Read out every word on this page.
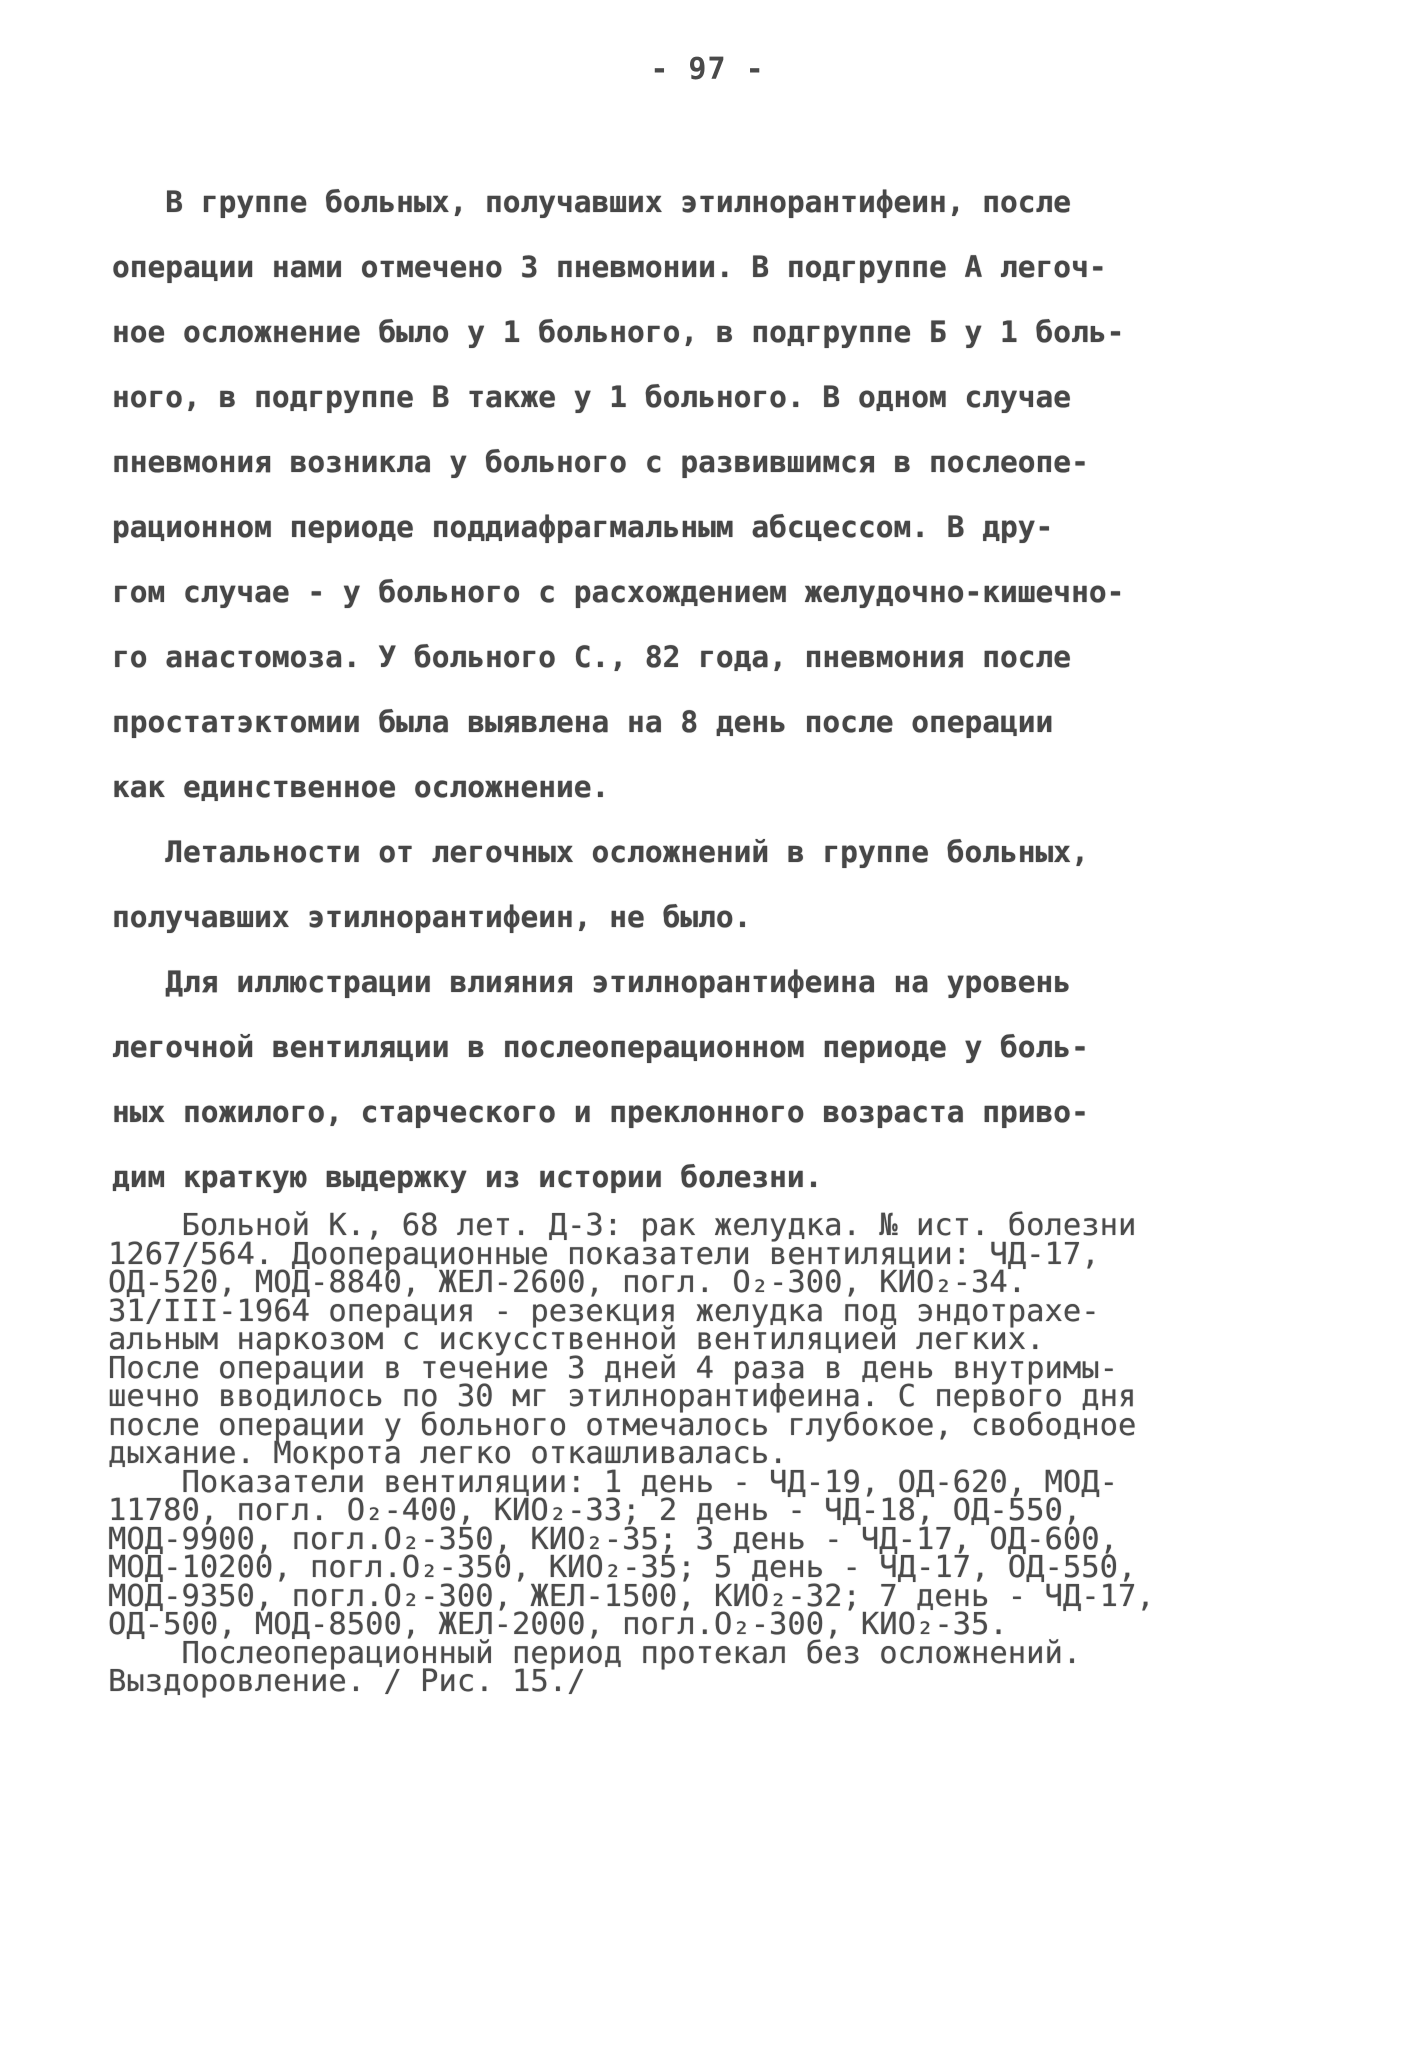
- 97 -
В группе больных, получавших этилнорантифеин, после
операции нами отмечено 3 пневмонии. В подгруппе А легоч-
ное осложнение было у 1 больного, в подгруппе Б у 1 боль-
ного, в подгруппе В также у 1 больного. В одном случае
пневмония возникла у больного с развившимся в послеопе-
рационном периоде поддиафрагмальным абсцессом. В дру-
гом случае - у больного с расхождением желудочно-кишечно-
го анастомоза. У больного С., 82 года, пневмония после
простатэктомии была выявлена на 8 день после операции
как единственное осложнение.
Летальности от легочных осложнений в группе больных,
получавших этилнорантифеин, не было.
Для иллюстрации влияния этилнорантифеина на уровень
легочной вентиляции в послеоперационном периоде у боль-
ных пожилого, старческого и преклонного возраста приво-
дим краткую выдержку из истории болезни.
Больной К., 68 лет. Д-З: рак желудка. № ист. болезни
1267/564. Дооперационные показатели вентиляции: ЧД-17,
ОД-520, МОД-8840, ЖЕЛ-2600, погл. О₂-300, КИО₂-34.
31/III-1964 операция - резекция желудка под эндотрахе-
альным наркозом с искусственной вентиляцией легких.
После операции в течение 3 дней 4 раза в день внутримы-
шечно вводилось по 30 мг этилнорантифеина. С первого дня
после операции у больного отмечалось глубокое, свободное
дыхание. Мокрота легко откашливалась.
Показатели вентиляции: 1 день - ЧД-19, ОД-620, МОД-
11780, погл. О₂-400, КИО₂-33; 2 день - ЧД-18, ОД-550,
МОД-9900, погл.О₂-350, КИО₂-35; 3 день - ЧД-17, ОД-600,
МОД-10200, погл.О₂-350, КИО₂-35; 5 день - ЧД-17, ОД-550,
МОД-9350, погл.О₂-300, ЖЕЛ-1500, КИО₂-32; 7 день - ЧД-17,
ОД-500, МОД-8500, ЖЕЛ-2000, погл.О₂-300, КИО₂-35.
Послеоперационный период протекал без осложнений.
Выздоровление. / Рис. 15./
